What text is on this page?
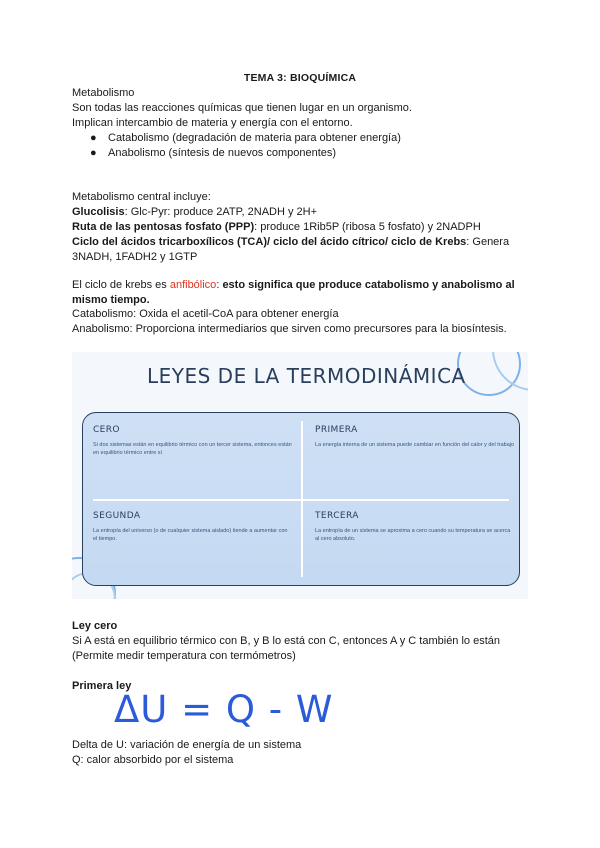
TEMA 3: BIOQUÍMICA
Metabolismo
Son todas las reacciones químicas que tienen lugar en un organismo.
Implican intercambio de materia y energía con el entorno.
● Catabolismo (degradación de materia para obtener energía)
● Anabolismo (síntesis de nuevos componentes)
Metabolismo central incluye:
Glucolisis: Glc-Pyr: produce 2ATP, 2NADH y 2H+
Ruta de las pentosas fosfato (PPP): produce 1Rib5P (ribosa 5 fosfato) y 2NADPH
Ciclo del ácidos tricarboxílicos (TCA)/ ciclo del ácido cítrico/ ciclo de Krebs: Genera
3NADH, 1FADH2 y 1GTP
El ciclo de krebs es anfibólico: esto significa que produce catabolismo y anabolismo al
mismo tiempo.
Catabolismo: Oxida el acetil-CoA para obtener energía
Anabolismo: Proporciona intermediarios que sirven como precursores para la biosíntesis.
LEYES DE LA TERMODINÁMICA
CERO
Si dos sistemas están en equilibrio térmico con un tercer sistema, entonces están en equilibrio térmico entre sí
PRIMERA
La energía interna de un sistema puede cambiar en función del calor y del trabajo
SEGUNDA
La entropía del universo (o de cualquier sistema aislado) tiende a aumentar con el tiempo.
TERCERA
La entropía de un sistema se aproxima a cero cuando su temperatura se acerca al cero absoluto.
Ley cero
Si A está en equilibrio térmico con B, y B lo está con C, entonces A y C también lo están
(Permite medir temperatura con termómetros)
Primera ley
ΔU = Q - W
Delta de U: variación de energía de un sistema
Q: calor absorbido por el sistema
